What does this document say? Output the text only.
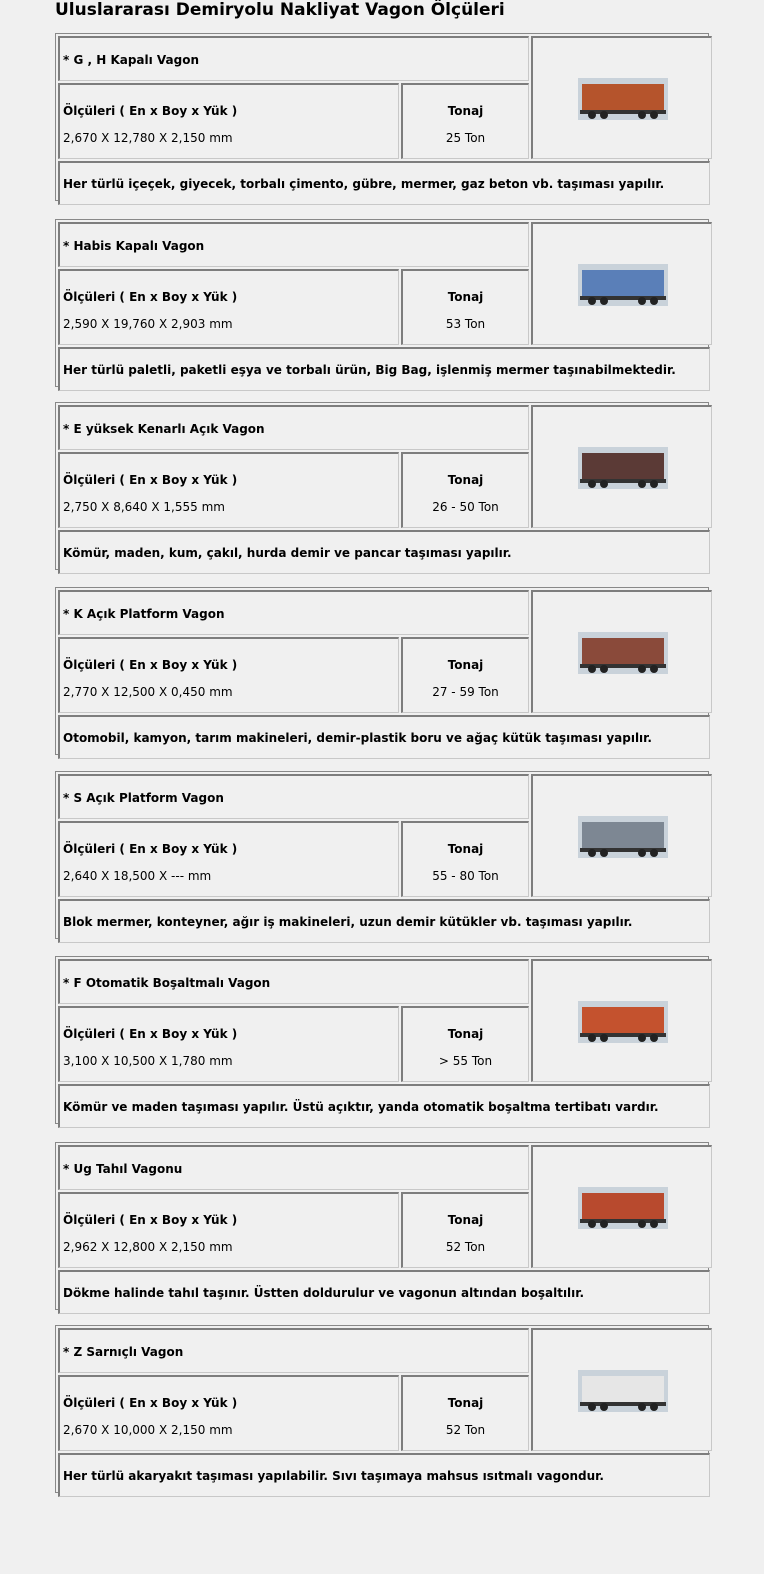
Uluslararası Demiryolu Nakliyat Vagon Ölçüleri
* G , H Kapalı Vagon
Ölçüleri ( En x Boy x Yük )
2,670 X 12,780 X 2,150 mm
Tonaj
25 Ton
Her türlü içeçek, giyecek, torbalı çimento, gübre, mermer, gaz beton vb. taşıması yapılır.
* Habis Kapalı Vagon
Ölçüleri ( En x Boy x Yük )
2,590 X 19,760 X 2,903 mm
Tonaj
53 Ton
Her türlü paletli, paketli eşya ve torbalı ürün, Big Bag, işlenmiş mermer taşınabilmektedir.
* E yüksek Kenarlı Açık Vagon
Ölçüleri ( En x Boy x Yük )
2,750 X 8,640 X 1,555 mm
Tonaj
26 - 50 Ton
Kömür, maden, kum, çakıl, hurda demir ve pancar taşıması yapılır.
* K Açık Platform Vagon
Ölçüleri ( En x Boy x Yük )
2,770 X 12,500 X 0,450 mm
Tonaj
27 - 59 Ton
Otomobil, kamyon, tarım makineleri, demir-plastik boru ve ağaç kütük taşıması yapılır.
* S Açık Platform Vagon
Ölçüleri ( En x Boy x Yük )
2,640 X 18,500 X --- mm
Tonaj
55 - 80 Ton
Blok mermer, konteyner, ağır iş makineleri, uzun demir kütükler vb. taşıması yapılır.
* F Otomatik Boşaltmalı Vagon
Ölçüleri ( En x Boy x Yük )
3,100 X 10,500 X 1,780 mm
Tonaj
> 55 Ton
Kömür ve maden taşıması yapılır. Üstü açıktır, yanda otomatik boşaltma tertibatı vardır.
* Ug Tahıl Vagonu
Ölçüleri ( En x Boy x Yük )
2,962 X 12,800 X 2,150 mm
Tonaj
52 Ton
Dökme halinde tahıl taşınır. Üstten doldurulur ve vagonun altından boşaltılır.
* Z Sarnıçlı Vagon
Ölçüleri ( En x Boy x Yük )
2,670 X 10,000 X 2,150 mm
Tonaj
52 Ton
Her türlü akaryakıt taşıması yapılabilir. Sıvı taşımaya mahsus ısıtmalı vagondur.
